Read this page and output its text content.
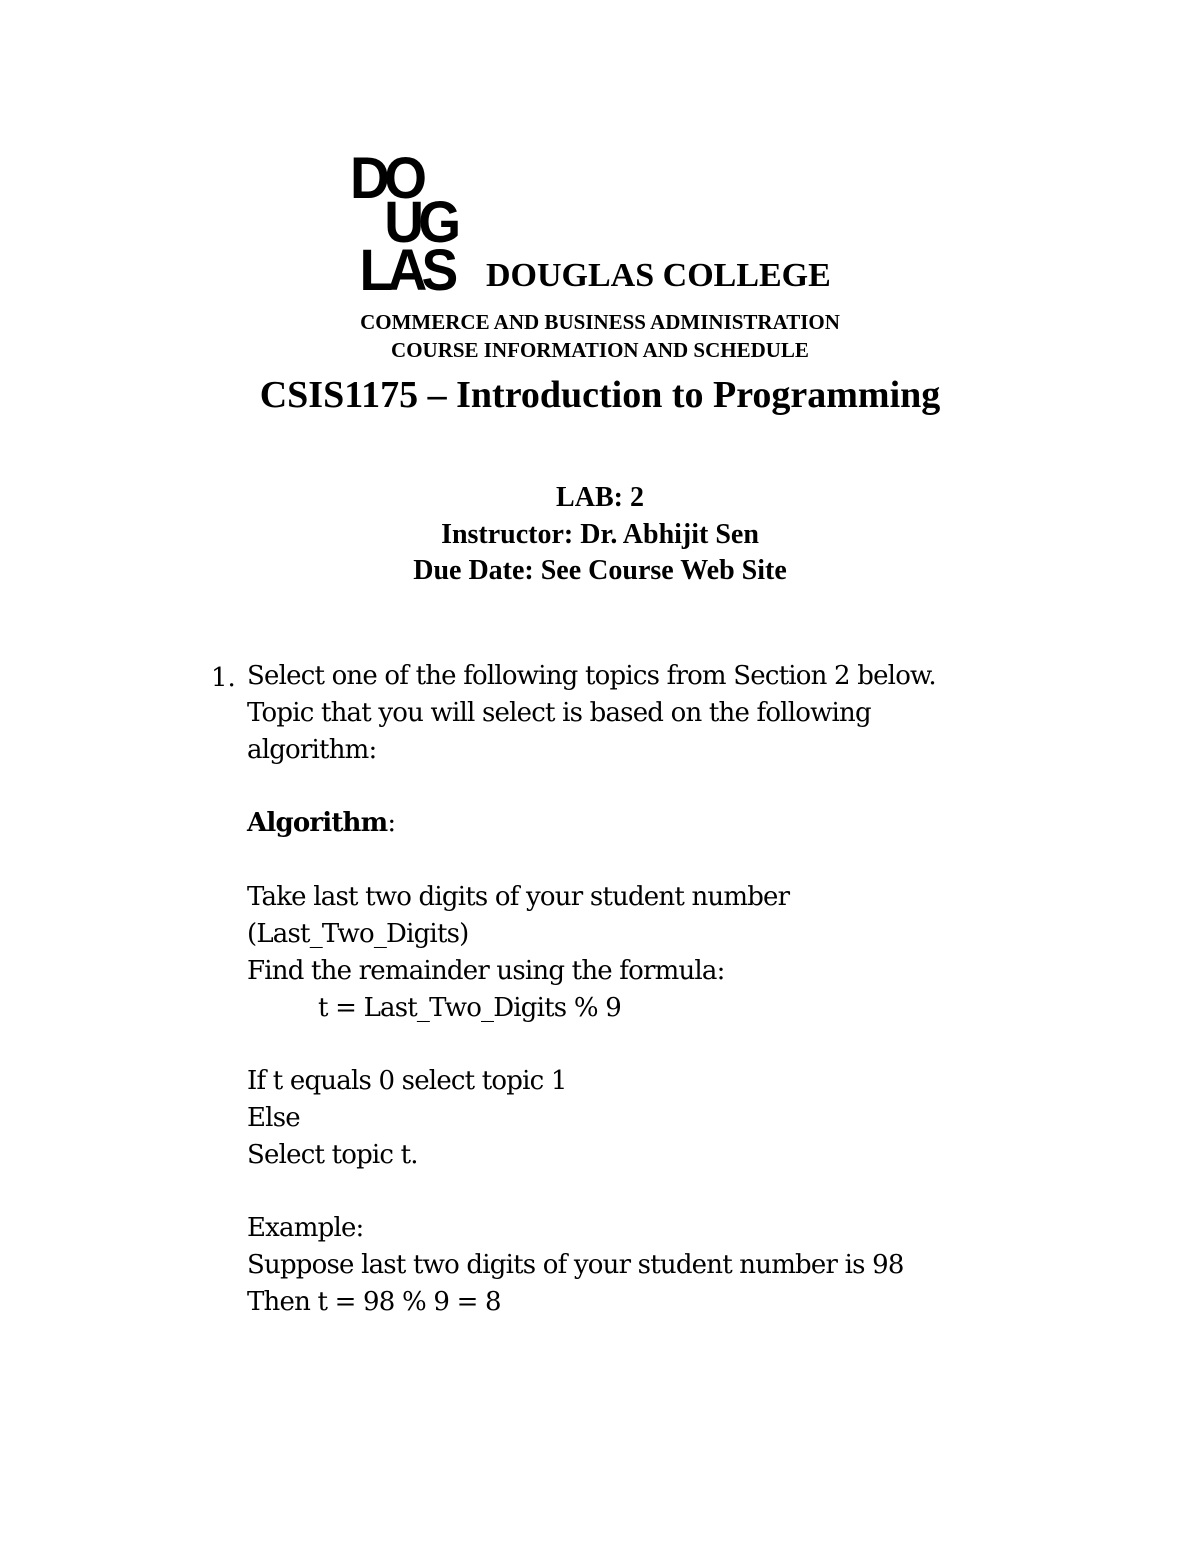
DO
UG
LAS DOUGLAS COLLEGE
COMMERCE AND BUSINESS ADMINISTRATION
COURSE INFORMATION AND SCHEDULE
CSIS1175 – Introduction to Programming
LAB: 2
Instructor: Dr. Abhijit Sen
Due Date: See Course Web Site
1. Select one of the following topics from Section 2 below.
Topic that you will select is based on the following
algorithm:
Algorithm:
Take last two digits of your student number
(Last_Two_Digits)
Find the remainder using the formula:
t = Last_Two_Digits % 9
If t equals 0 select topic 1
Else
Select topic t.
Example:
Suppose last two digits of your student number is 98
Then t = 98 % 9 = 8
